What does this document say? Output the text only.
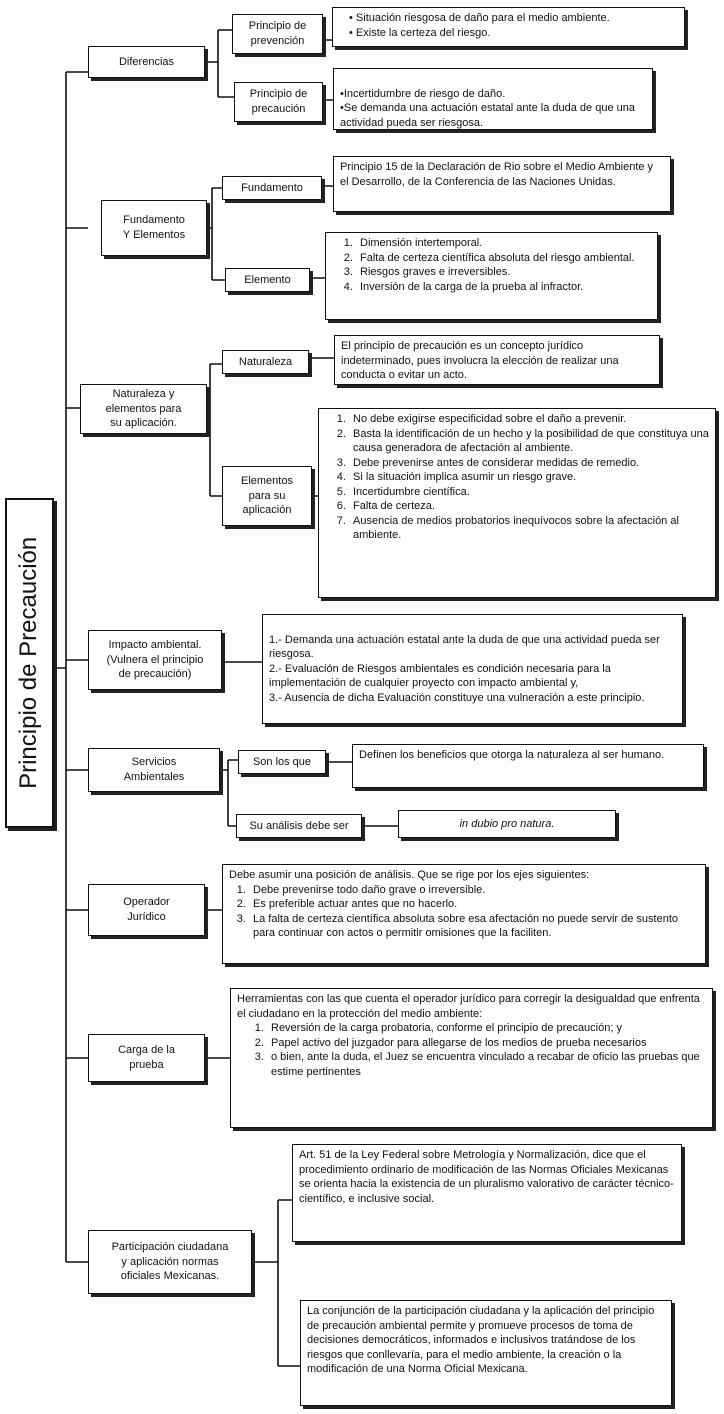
Principio de Precaución
Diferencias
Principio de
prevención
• Situación riesgosa de daño para el medio ambiente.
• Existe la certeza del riesgo.
Principio de
precaución

•Incertidumbre de riesgo de daño.
•Se demanda una actuación estatal ante la duda de que una actividad pueda ser riesgosa.

Fundamento
Y Elementos
Fundamento

Principio 15 de la Declaración de Rio sobre el Medio Ambiente y el Desarrollo, de la Conferencia de las Naciones Unidas.

Elemento
1. Dimensión intertemporal.
2. Falta de certeza científica absoluta del riesgo ambiental.
3. Riesgos graves e irreversibles.
4. Inversión de la carga de la prueba al infractor.
Naturaleza y
elementos para
su aplicación.
Naturaleza

El principio de precaución es un concepto jurídico indeterminado, pues involucra la elección de realizar una conducta o evitar un acto.

Elementos
para su
aplicación
1. No debe exigirse especificidad sobre el daño a prevenir.
2. Basta la identificación de un hecho y la posibilidad de que constituya una causa generadora de afectación al ambiente.
3. Debe prevenirse antes de considerar medidas de remedio.
4. Si la situación implica asumir un riesgo grave.
5. Incertidumbre científica.
6. Falta de certeza.
7. Ausencia de medios probatorios inequívocos sobre la afectación al ambiente.
Impacto ambiental.
(Vulnera el principio
de precaución)

1.- Demanda una actuación estatal ante la duda de que una actividad pueda ser riesgosa.
2.- Evaluación de Riesgos ambientales es condición necesaria para la implementación de cualquier proyecto con impacto ambiental y,
3.- Ausencia de dicha Evaluación constituye una vulneración a este principio.

Servicios
Ambientales
Son los que

Definen los beneficios que otorga la naturaleza al ser humano.

Su análisis debe ser	in dubio pro natura.
Operador
Jurídico

Debe asumir una posición de análisis. Que se rige por los ejes siguientes:

1. Debe prevenirse todo daño grave o irreversible.
2. Es preferible actuar antes que no hacerlo.
3. La falta de certeza científica absoluta sobre esa afectación no puede servir de sustento para continuar con actos o permitir omisiones que la faciliten.
Carga de la
prueba

Herramientas con las que cuenta el operador jurídico para corregir la desigualdad que enfrenta el ciudadano en la protección del medio ambiente:

1. Reversión de la carga probatoria, conforme el principio de precaución; y
2. Papel activo del juzgador para allegarse de los medios de prueba necesarios
3. o bien, ante la duda, el Juez se encuentra vinculado a recabar de oficio las pruebas que estime pertinentes
Participación ciudadana
y aplicación normas
oficiales Mexicanas.

Art. 51 de la Ley Federal sobre Metrología y Normalización, dice que el procedimiento ordinario de modificación de las Normas Oficiales Mexicanas se orienta hacia la existencia de un pluralismo valorativo de carácter técnico-científico, e inclusive social.

La conjunción de la participación ciudadana y la aplicación del principio de precaución ambiental permite y promueve procesos de toma de decisiones democráticos, informados e inclusivos tratándose de los riesgos que conllevaría, para el medio ambiente, la creación o la modificación de una Norma Oficial Mexicana.
